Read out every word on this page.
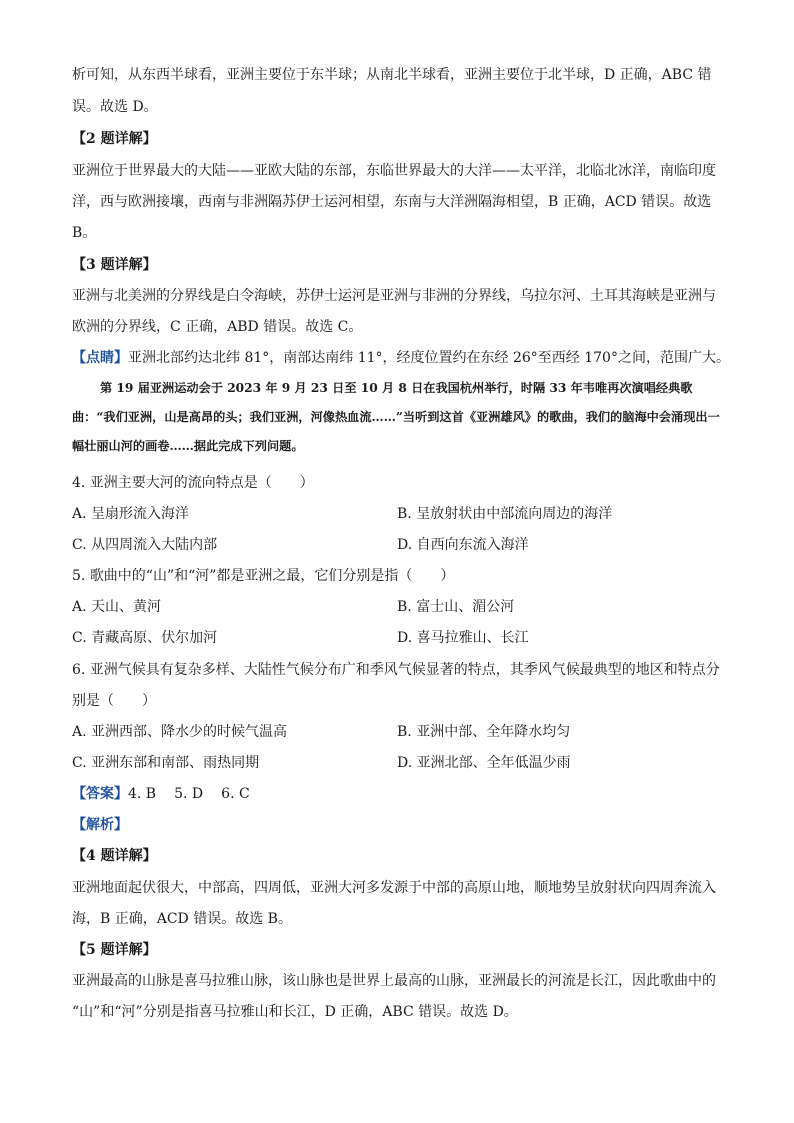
析可知，从东西半球看，亚洲主要位于东半球；从南北半球看，亚洲主要位于北半球，D 正确，ABC 错
误。故选 D。
【2 题详解】
亚洲位于世界最大的大陆——亚欧大陆的东部，东临世界最大的大洋——太平洋，北临北冰洋，南临印度
洋，西与欧洲接壤，西南与非洲隔苏伊士运河相望，东南与大洋洲隔海相望，B 正确，ACD 错误。故选
B。
【3 题详解】
亚洲与北美洲的分界线是白令海峡，苏伊士运河是亚洲与非洲的分界线，乌拉尔河、土耳其海峡是亚洲与
欧洲的分界线，C 正确，ABD 错误。故选 C。
【点睛】亚洲北部约达北纬 81°，南部达南纬 11°，经度位置约在东经 26°至西经 170°之间，范围广大。
第 19 届亚洲运动会于 2023 年 9 月 23 日至 10 月 8 日在我国杭州举行，时隔 33 年韦唯再次演唱经典歌曲：“我们亚洲，山是高昂的头；我们亚洲，河像热血流……”当听到这首《亚洲雄风》的歌曲，我们的脑海中会涌现出一幅壮丽山河的画卷……据此完成下列问题。
4. 亚洲主要大河的流向特点是（　　）
A. 呈扇形流入海洋	B. 呈放射状由中部流向周边的海洋
C. 从四周流入大陆内部	D. 自西向东流入海洋
5. 歌曲中的“山”和“河”都是亚洲之最，它们分别是指（　　）
A. 天山、黄河	B. 富士山、湄公河
C. 青藏高原、伏尔加河	D. 喜马拉雅山、长江
6. 亚洲气候具有复杂多样、大陆性气候分布广和季风气候显著的特点，其季风气候最典型的地区和特点分
别是（　　）
A. 亚洲西部、降水少的时候气温高	B. 亚洲中部、全年降水均匀
C. 亚洲东部和南部、雨热同期	D. 亚洲北部、全年低温少雨
【答案】4. B 5. D 6. C
【解析】
【4 题详解】
亚洲地面起伏很大，中部高，四周低，亚洲大河多发源于中部的高原山地，顺地势呈放射状向四周奔流入
海，B 正确，ACD 错误。故选 B。
【5 题详解】
亚洲最高的山脉是喜马拉雅山脉，该山脉也是世界上最高的山脉，亚洲最长的河流是长江，因此歌曲中的
“山”和“河”分别是指喜马拉雅山和长江，D 正确，ABC 错误。故选 D。
